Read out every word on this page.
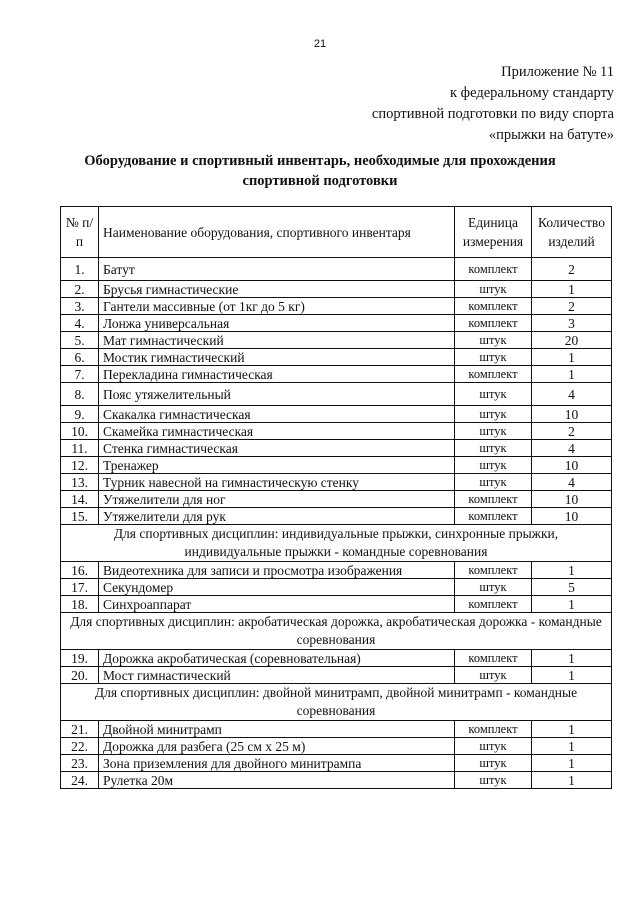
21
Приложение № 11
к федеральному стандарту
спортивной подготовки по виду спорта
«прыжки на батуте»
Оборудование и спортивный инвентарь, необходимые для прохождения спортивной подготовки
№ п/п	Наименование оборудования, спортивного инвентаря	Единица измерения	Количество изделий
1.	Батут	комплект	2
2.	Брусья гимнастические	штук	1
3.	Гантели массивные (от 1кг до 5 кг)	комплект	2
4.	Лонжа универсальная	комплект	3
5.	Мат гимнастический	штук	20
6.	Мостик гимнастический	штук	1
7.	Перекладина гимнастическая	комплект	1
8.	Пояс утяжелительный	штук	4
9.	Скакалка гимнастическая	штук	10
10.	Скамейка гимнастическая	штук	2
11.	Стенка гимнастическая	штук	4
12.	Тренажер	штук	10
13.	Турник навесной на гимнастическую стенку	штук	4
14.	Утяжелители для ног	комплект	10
15.	Утяжелители для рук	комплект	10
Для спортивных дисциплин: индивидуальные прыжки, синхронные прыжки, индивидуальные прыжки - командные соревнования			
16.	Видеотехника для записи и просмотра изображения	комплект	1
17.	Секундомер	штук	5
18.	Синхроаппарат	комплект	1
Для спортивных дисциплин: акробатическая дорожка, акробатическая дорожка - командные соревнования			
19.	Дорожка акробатическая (соревновательная)	комплект	1
20.	Мост гимнастический	штук	1
Для спортивных дисциплин: двойной минитрамп, двойной минитрамп - командные соревнования			
21.	Двойной минитрамп	комплект	1
22.	Дорожка для разбега (25 см х 25 м)	штук	1
23.	Зона приземления для двойного минитрампа	штук	1
24.	Рулетка 20м	штук	1
